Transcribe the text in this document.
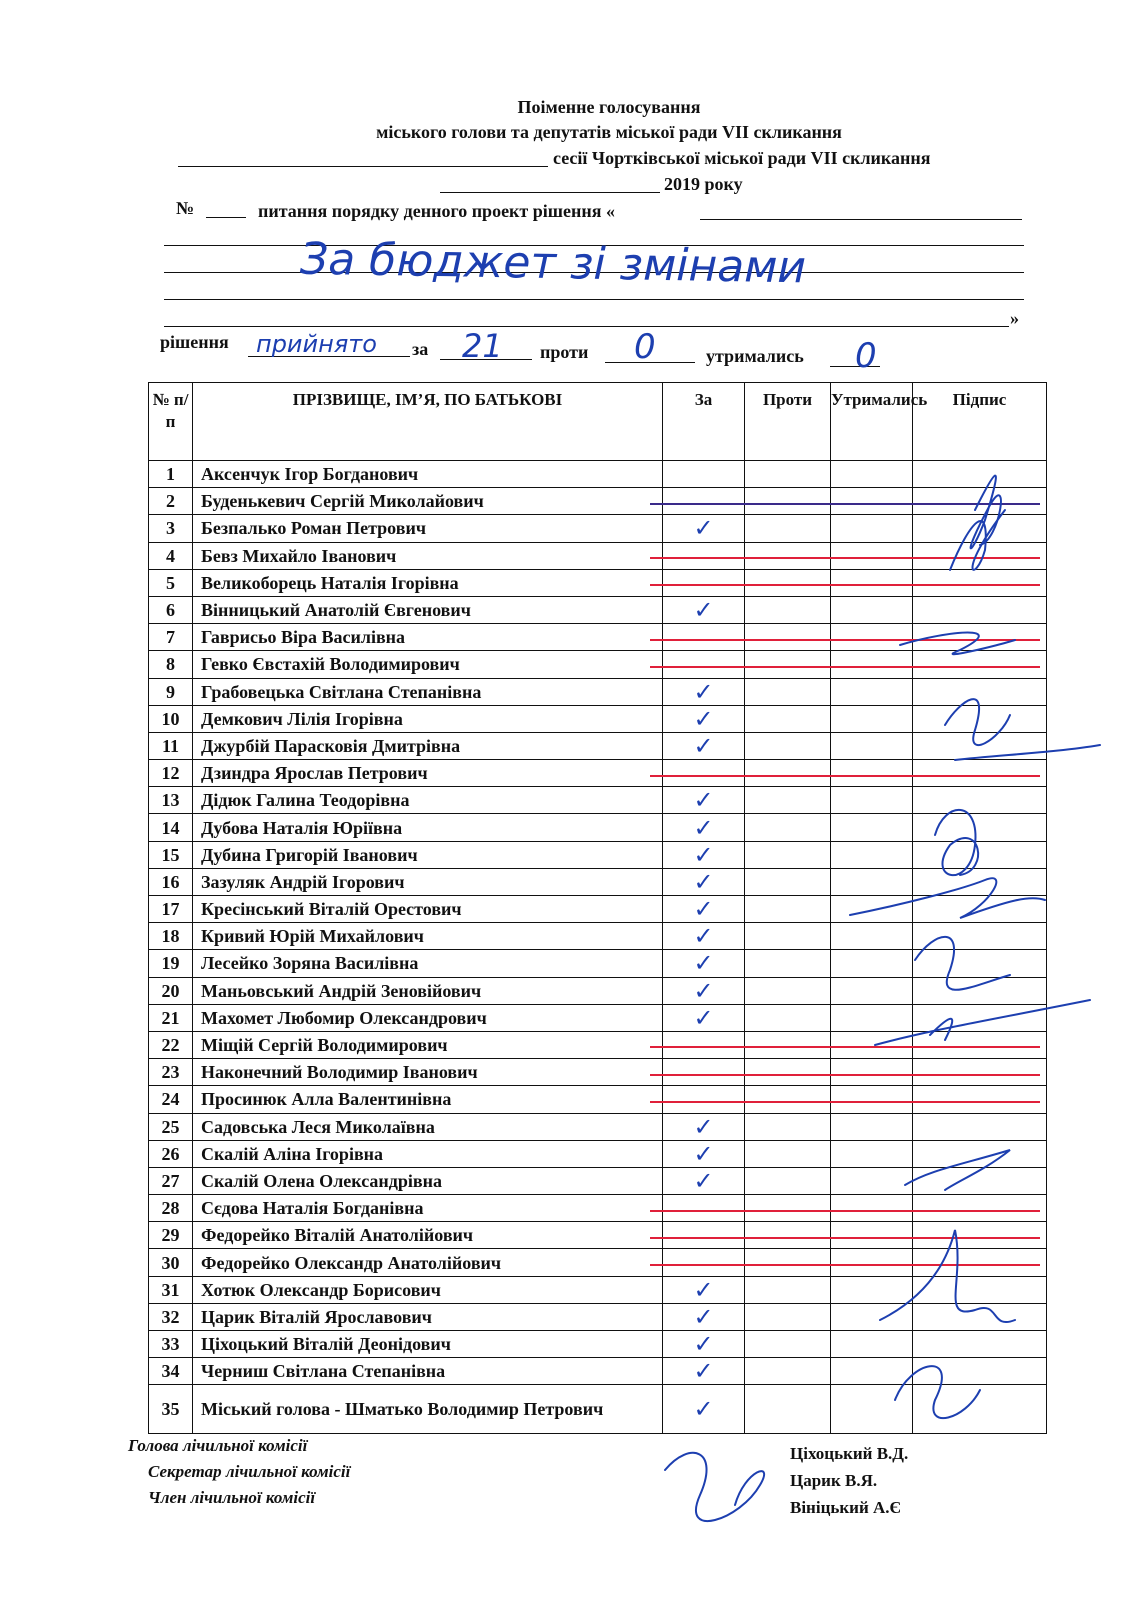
Поіменне голосування
міського голови та депутатів міської ради VII скликання
сесії Чортківської міської ради VII скликання
2019 року
№	питання порядку денного проект рішення «
»
За бюджет зі змінами
рішення прийнято за 21 проти 0	утримались 0
№ п/п	ПРІЗВИЩЕ, ІМ’Я, ПО БАТЬКОВІ	За	Проти	Утримались	Підпис
1	Аксенчук Ігор Богданович	

2	Буденькевич Сергій Миколайович	

3	Безпалько Роман Петрович	✓			

4	Бевз Михайло Іванович	

5	Великоборець Наталія Ігорівна	

6	Вінницький Анатолій Євгенович	✓			

7	Гаврисьо Віра Василівна	

8	Гевко Євстахій Володимирович	

9	Грабовецька Світлана Степанівна	✓			

10	Демкович Лілія Ігорівна	✓			

11	Джурбій Парасковія Дмитрівна	✓			

12	Дзиндра Ярослав Петрович	

13	Дідюк Галина Теодорівна	✓			

14	Дубова Наталія Юріївна	✓			

15	Дубина Григорій Іванович	✓			

16	Зазуляк Андрій Ігорович	✓			

17	Кресінський Віталій Орестович	✓			

18	Кривий Юрій Михайлович	✓			

19	Лесейко Зоряна Василівна	✓			

20	Маньовський Андрій Зеновійович	✓			

21	Махомет Любомир Олександрович	✓			

22	Міщій Сергій Володимирович	

23	Наконечний Володимир Іванович	

24	Просинюк Алла Валентинівна	

25	Садовська Леся Миколаївна	✓			

26	Скалій Аліна Ігорівна	✓			

27	Скалій Олена Олександрівна	✓			

28	Сєдова Наталія Богданівна	

29	Федорейко Віталій Анатолійович	

30	Федорейко Олександр Анатолійович	

31	Хотюк Олександр Борисович	✓			

32	Царик Віталій Ярославович	✓			

33	Ціхоцький Віталій Деонідович	✓			

34	Черниш Світлана Степанівна	✓			

35	Міський голова - Шматько Володимир Петрович	✓			

Голова лічильної комісії
Секретар лічильної комісії
Член лічильної комісії
Ціхоцький В.Д.
Царик В.Я.
Вініцький А.Є
